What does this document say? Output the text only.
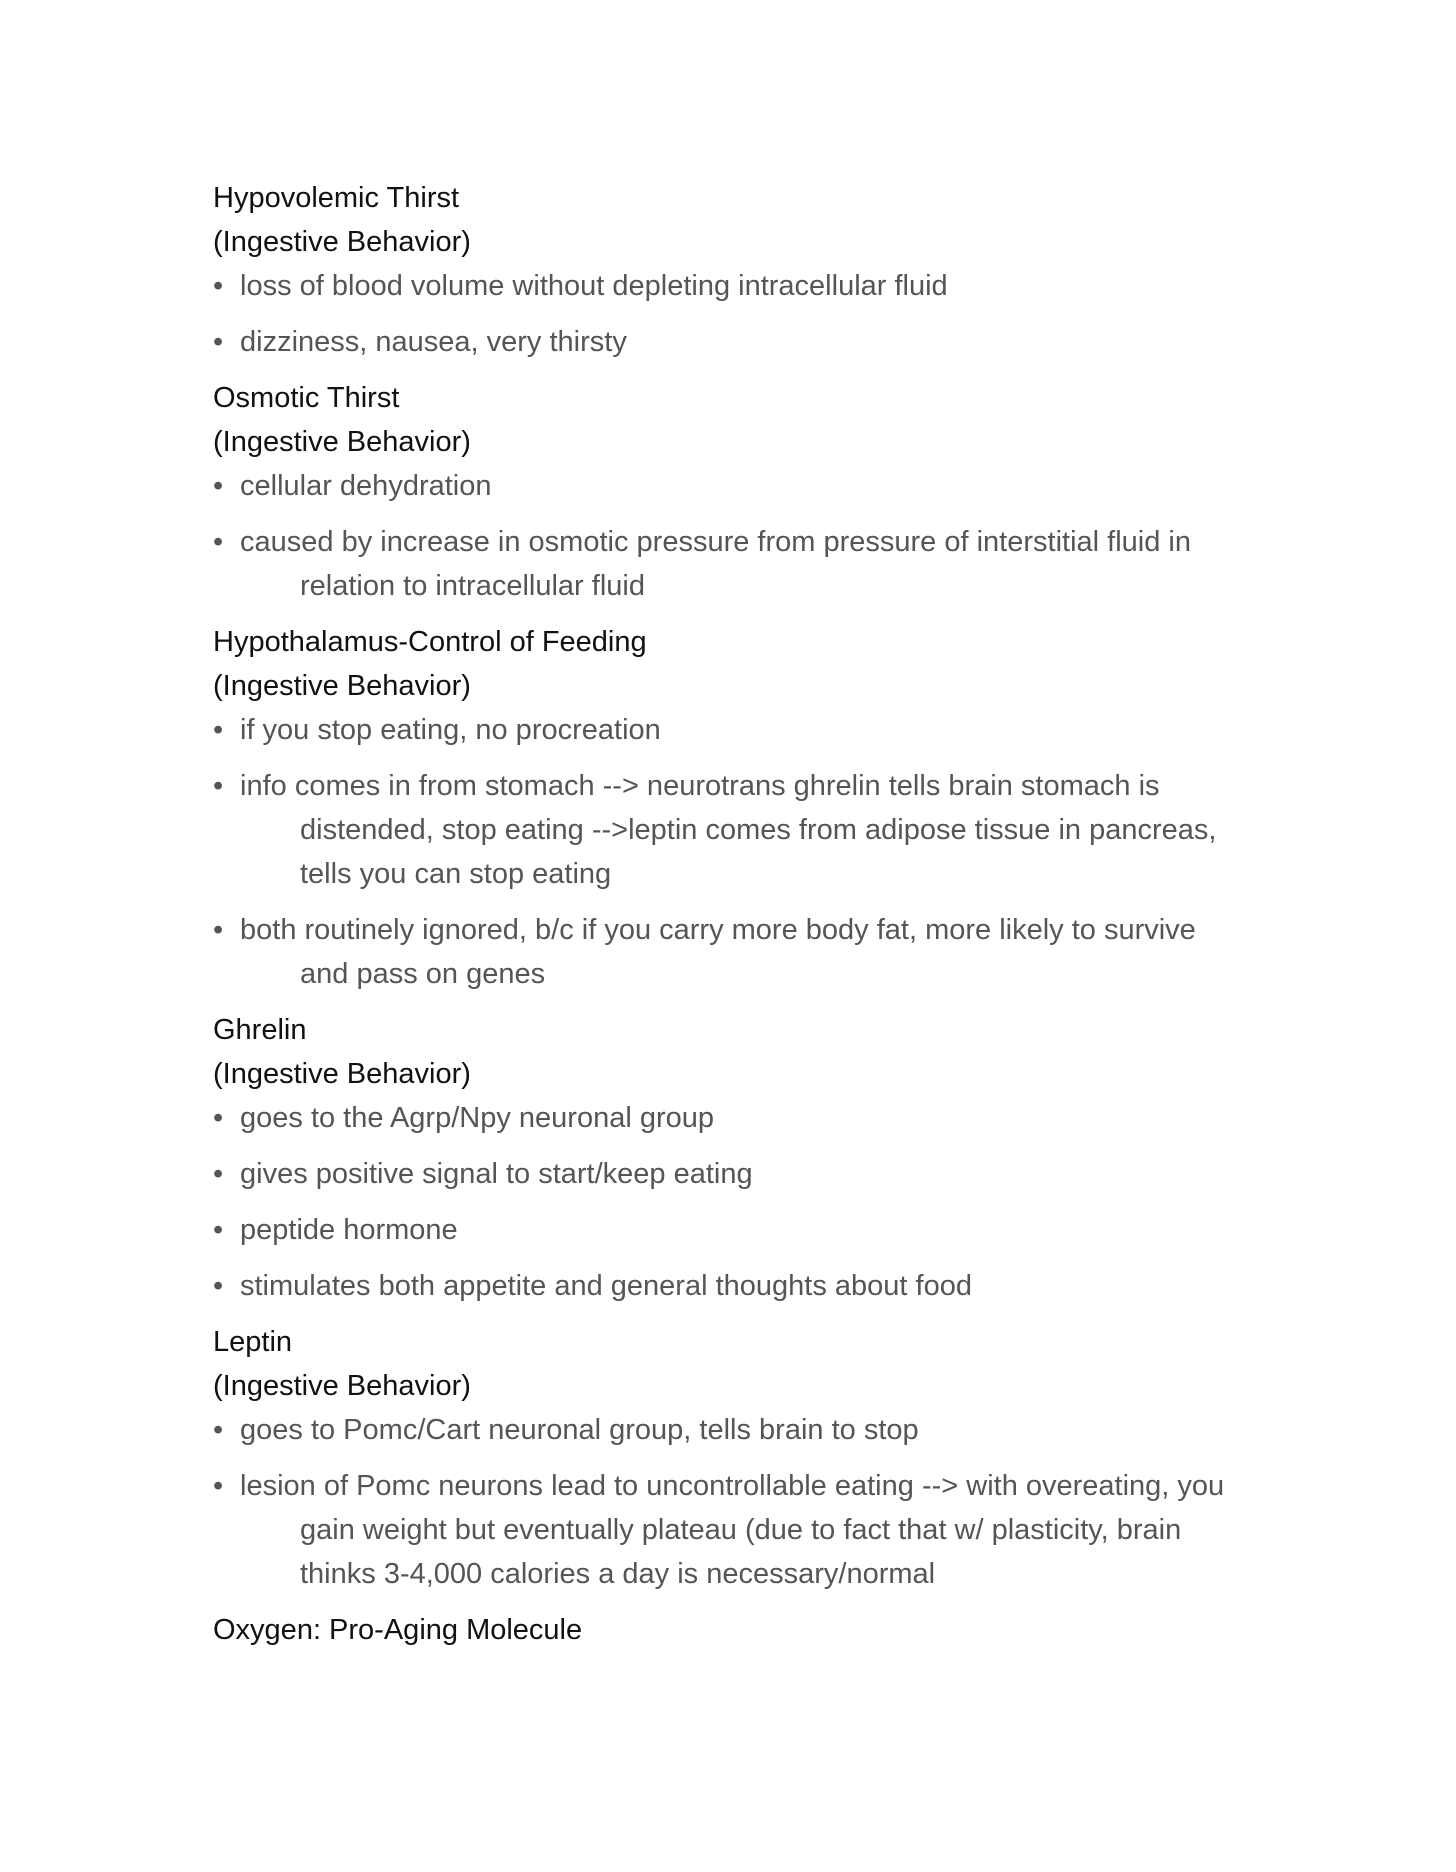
Hypovolemic Thirst

(Ingestive Behavior)

• loss of blood volume without depleting intracellular fluid
• dizziness, nausea, very thirsty

Osmotic Thirst

(Ingestive Behavior)

• cellular dehydration
• caused by increase in osmotic pressure from pressure of interstitial fluid in relation to intracellular fluid

Hypothalamus-Control of Feeding

(Ingestive Behavior)

• if you stop eating, no procreation
• info comes in from stomach --> neurotrans ghrelin tells brain stomach is distended, stop eating -->leptin comes from adipose tissue in pancreas, tells you can stop eating
• both routinely ignored, b/c if you carry more body fat, more likely to survive and pass on genes

Ghrelin

(Ingestive Behavior)

• goes to the Agrp/Npy neuronal group
• gives positive signal to start/keep eating
• peptide hormone
• stimulates both appetite and general thoughts about food

Leptin

(Ingestive Behavior)

• goes to Pomc/Cart neuronal group, tells brain to stop
• lesion of Pomc neurons lead to uncontrollable eating --> with overeating, you gain weight but eventually plateau (due to fact that w/ plasticity, brain thinks 3-4,000 calories a day is necessary/normal

Oxygen: Pro-Aging Molecule
